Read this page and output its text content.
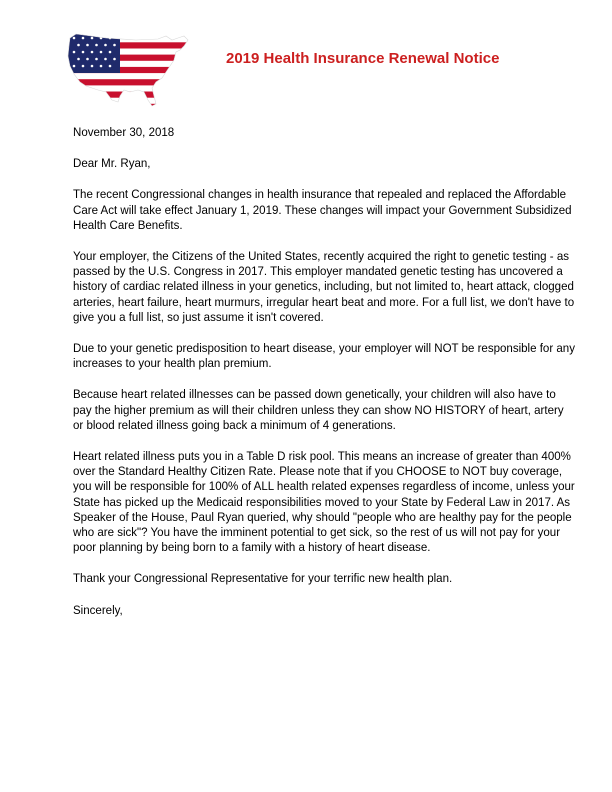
2019 Health Insurance Renewal Notice

November 30, 2018

Dear Mr. Ryan,

The recent Congressional changes in health insurance that repealed and replaced the Affordable Care Act will take effect January 1, 2019. These changes will impact your Government Subsidized Health Care Benefits.

Your employer, the Citizens of the United States, recently acquired the right to genetic testing - as passed by the U.S. Congress in 2017. This employer mandated genetic testing has uncovered a history of cardiac related illness in your genetics, including, but not limited to, heart attack, clogged arteries, heart failure, heart murmurs, irregular heart beat and more. For a full list, we don't have to give you a full list, so just assume it isn't covered.

Due to your genetic predisposition to heart disease, your employer will NOT be responsible for any increases to your health plan premium.

Because heart related illnesses can be passed down genetically, your children will also have to pay the higher premium as will their children unless they can show NO HISTORY of heart, artery or blood related illness going back a minimum of 4 generations.

Heart related illness puts you in a Table D risk pool. This means an increase of greater than 400% over the Standard Healthy Citizen Rate. Please note that if you CHOOSE to NOT buy coverage, you will be responsible for 100% of ALL health related expenses regardless of income, unless your State has picked up the Medicaid responsibilities moved to your State by Federal Law in 2017. As Speaker of the House, Paul Ryan queried, why should "people who are healthy pay for the people who are sick"? You have the imminent potential to get sick, so the rest of us will not pay for your poor planning by being born to a family with a history of heart disease.

Thank your Congressional Representative for your terrific new health plan.

Sincerely,
